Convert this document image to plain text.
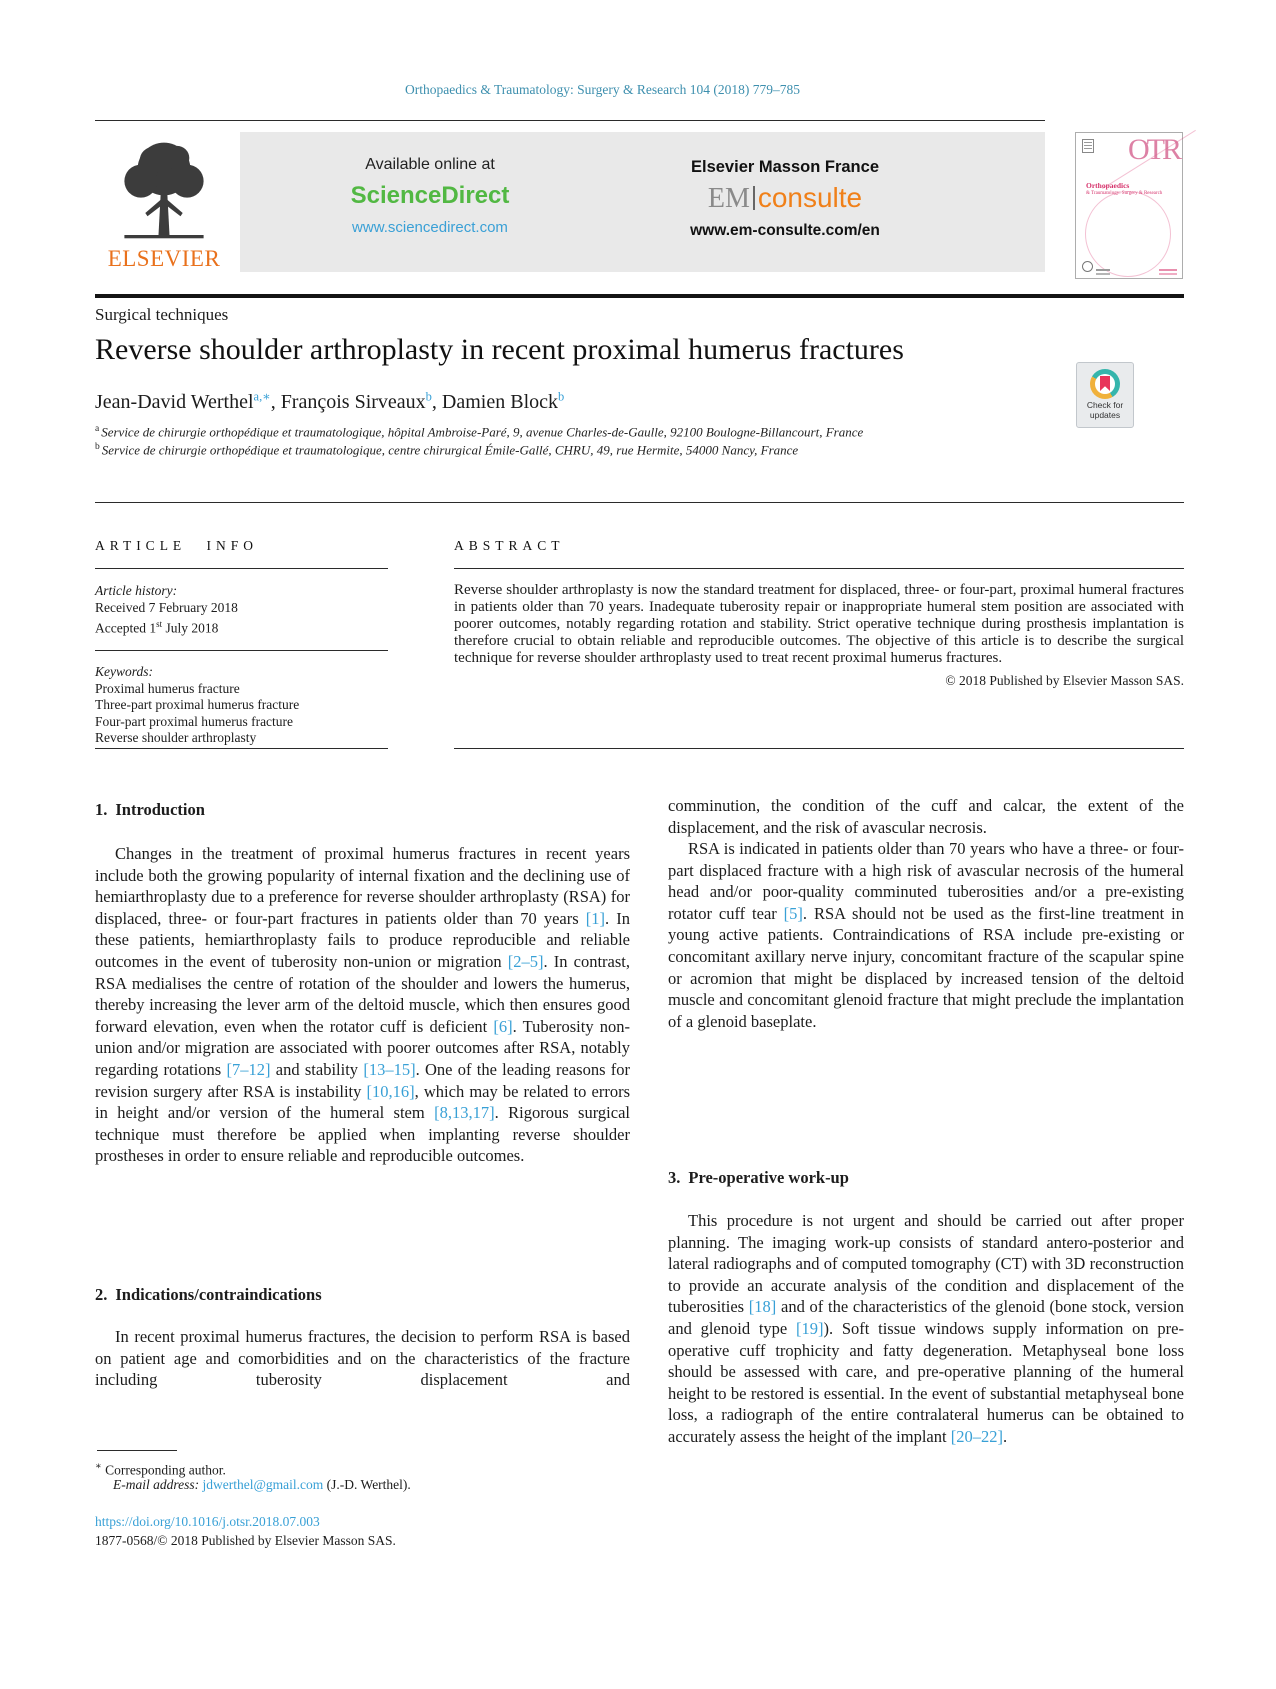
Orthopaedics & Traumatology: Surgery & Research 104 (2018) 779–785
ELSEVIER
Available online at
ScienceDirect
www.sciencedirect.com
Elsevier Masson France
EM consulte
www.em-consulte.com/en
OTR
Orthopaedics
& Traumatology: Surgery & Research
Surgical techniques
Reverse shoulder arthroplasty in recent proximal humerus fractures
Check for
updates
Jean-David Werthel$^{a,∗}$, François Sirveaux$^b$, Damien Block$^b$
$^a$ Service de chirurgie orthopédique et traumatologique, hôpital Ambroise-Paré, 9, avenue Charles-de-Gaulle, 92100 Boulogne-Billancourt, France
$^b$ Service de chirurgie orthopédique et traumatologique, centre chirurgical Émile-Gallé, CHRU, 49, rue Hermite, 54000 Nancy, France
ARTICLE INFO	ABSTRACT
Article history:
Received 7 February 2018
Accepted 1st July 2018
Keywords:
Proximal humerus fracture
Three-part proximal humerus fracture
Four-part proximal humerus fracture
Reverse shoulder arthroplasty
Reverse shoulder arthroplasty is now the standard treatment for displaced, three- or four-part, proximal humeral fractures in patients older than 70 years. Inadequate tuberosity repair or inappropriate humeral stem position are associated with poorer outcomes, notably regarding rotation and stability. Strict operative technique during prosthesis implantation is therefore crucial to obtain reliable and reproducible outcomes. The objective of this article is to describe the surgical technique for reverse shoulder arthroplasty used to treat recent proximal humerus fractures.
© 2018 Published by Elsevier Masson SAS.
1. Introduction
Changes in the treatment of proximal humerus fractures in recent years include both the growing popularity of internal fixation and the declining use of hemiarthroplasty due to a preference for reverse shoulder arthroplasty (RSA) for displaced, three- or four-part fractures in patients older than 70 years [1]. In these patients, hemiarthroplasty fails to produce reproducible and reliable outcomes in the event of tuberosity non-union or migration [2–5]. In contrast, RSA medialises the centre of rotation of the shoulder and lowers the humerus, thereby increasing the lever arm of the deltoid muscle, which then ensures good forward elevation, even when the rotator cuff is deficient [6]. Tuberosity non-union and/or migration are associated with poorer outcomes after RSA, notably regarding rotations [7–12] and stability [13–15]. One of the leading reasons for revision surgery after RSA is instability [10,16], which may be related to errors in height and/or version of the humeral stem [8,13,17]. Rigorous surgical technique must therefore be applied when implanting reverse shoulder prostheses in order to ensure reliable and reproducible outcomes.
2. Indications/contraindications
In recent proximal humerus fractures, the decision to perform RSA is based on patient age and comorbidities and on the characteristics of the fracture including tuberosity displacement and
∗ Corresponding author.
E-mail address: jdwerthel@gmail.com (J.-D. Werthel).
https://doi.org/10.1016/j.otsr.2018.07.003
1877-0568/© 2018 Published by Elsevier Masson SAS.
comminution, the condition of the cuff and calcar, the extent of the displacement, and the risk of avascular necrosis.
RSA is indicated in patients older than 70 years who have a three- or four-part displaced fracture with a high risk of avascular necrosis of the humeral head and/or poor-quality comminuted tuberosities and/or a pre-existing rotator cuff tear [5]. RSA should not be used as the first-line treatment in young active patients. Contraindications of RSA include pre-existing or concomitant axillary nerve injury, concomitant fracture of the scapular spine or acromion that might be displaced by increased tension of the deltoid muscle and concomitant glenoid fracture that might preclude the implantation of a glenoid baseplate.
3. Pre-operative work-up
This procedure is not urgent and should be carried out after proper planning. The imaging work-up consists of standard antero-posterior and lateral radiographs and of computed tomography (CT) with 3D reconstruction to provide an accurate analysis of the condition and displacement of the tuberosities [18] and of the characteristics of the glenoid (bone stock, version and glenoid type [19]). Soft tissue windows supply information on pre-operative cuff trophicity and fatty degeneration. Metaphyseal bone loss should be assessed with care, and pre-operative planning of the humeral height to be restored is essential. In the event of substantial metaphyseal bone loss, a radiograph of the entire contralateral humerus can be obtained to accurately assess the height of the implant [20–22].
